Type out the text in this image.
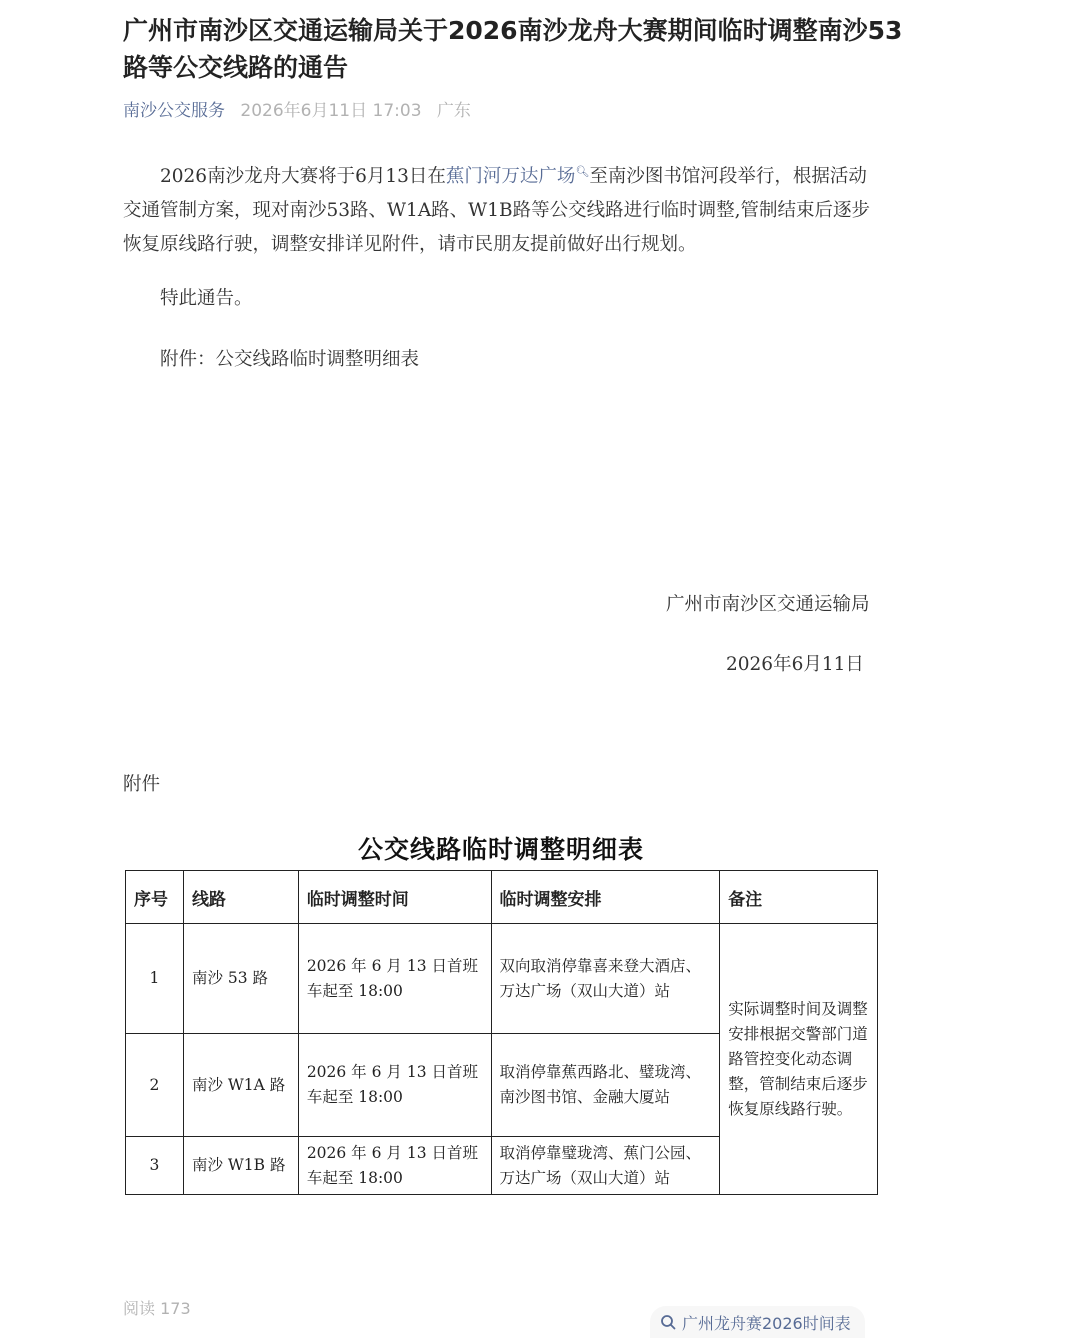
广州市南沙区交通运输局关于2026南沙龙舟大赛期间临时调整南沙53路等公交线路的通告
南沙公交服务 2026年6月11日 17:03 广东

2026南沙龙舟大赛将于6月13日在蕉门河万达广场🔍︎至南沙图书馆河段举行，根据活动交通管制方案，现对南沙53路、W1A路、W1B路等公交线路进行临时调整,管制结束后逐步恢复原线路行驶，调整安排详见附件，请市民朋友提前做好出行规划。

特此通告。

附件：公交线路临时调整明细表

广州市南沙区交通运输局
2026年6月11日
附件
公交线路临时调整明细表
序号	线路	临时调整时间	临时调整安排	备注
1	南沙 53 路	2026 年 6 月 13 日首班车起至 18:00	双向取消停靠喜来登大酒店、万达广场（双山大道）站	实际调整时间及调整安排根据交警部门道路管控变化动态调整，管制结束后逐步恢复原线路行驶。
2	南沙 W1A 路	2026 年 6 月 13 日首班车起至 18:00	取消停靠蕉西路北、璧珑湾、南沙图书馆、金融大厦站	
3	南沙 W1B 路	2026 年 6 月 13 日首班车起至 18:00	取消停靠璧珑湾、蕉门公园、万达广场（双山大道）站	
阅读 173
广州龙舟赛2026时间表
